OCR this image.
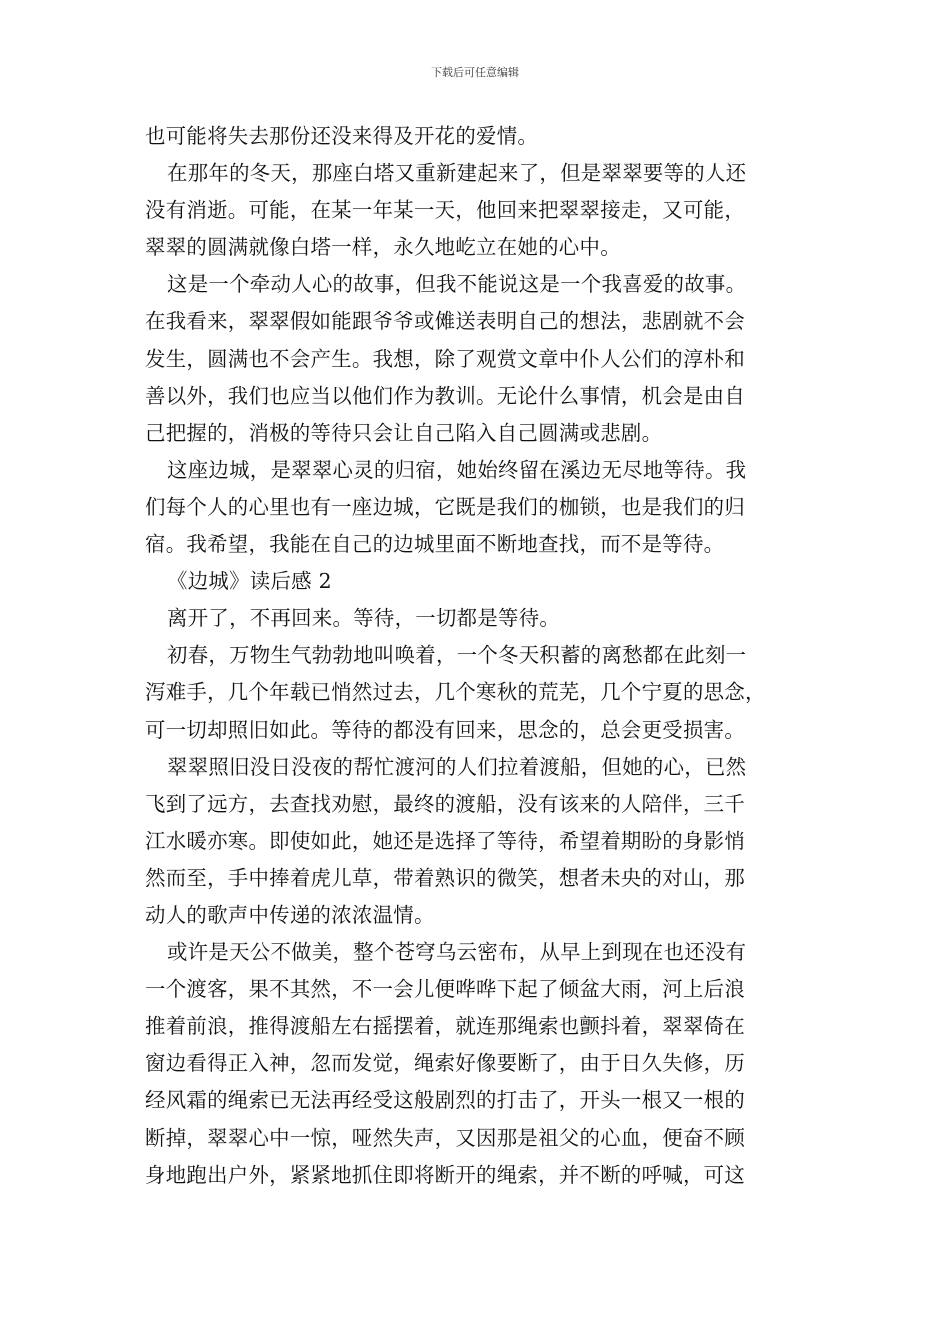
下载后可任意编辑
也可能将失去那份还没来得及开花的爱情。
在那年的冬天，那座白塔又重新建起来了，但是翠翠要等的人还
没有消逝。可能，在某一年某一天，他回来把翠翠接走，又可能，
翠翠的圆满就像白塔一样，永久地屹立在她的心中。
这是一个牵动人心的故事，但我不能说这是一个我喜爱的故事。
在我看来，翠翠假如能跟爷爷或傩送表明自己的想法，悲剧就不会
发生，圆满也不会产生。我想，除了观赏文章中仆人公们的淳朴和
善以外，我们也应当以他们作为教训。无论什么事情，机会是由自
己把握的，消极的等待只会让自己陷入自己圆满或悲剧。
这座边城，是翠翠心灵的归宿，她始终留在溪边无尽地等待。我
们每个人的心里也有一座边城，它既是我们的枷锁，也是我们的归
宿。我希望，我能在自己的边城里面不断地查找，而不是等待。
《边城》读后感 2
离开了，不再回来。等待，一切都是等待。
初春，万物生气勃勃地叫唤着，一个冬天积蓄的离愁都在此刻一
泻难手，几个年载已悄然过去，几个寒秋的荒芜，几个宁夏的思念，
可一切却照旧如此。等待的都没有回来，思念的，总会更受损害。
翠翠照旧没日没夜的帮忙渡河的人们拉着渡船，但她的心，已然
飞到了远方，去查找劝慰，最终的渡船，没有该来的人陪伴，三千
江水暖亦寒。即使如此，她还是选择了等待，希望着期盼的身影悄
然而至，手中捧着虎儿草，带着熟识的微笑，想者未央的对山，那
动人的歌声中传递的浓浓温情。
或许是天公不做美，整个苍穹乌云密布，从早上到现在也还没有
一个渡客，果不其然，不一会儿便哗哗下起了倾盆大雨，河上后浪
推着前浪，推得渡船左右摇摆着，就连那绳索也颤抖着，翠翠倚在
窗边看得正入神，忽而发觉，绳索好像要断了，由于日久失修，历
经风霜的绳索已无法再经受这般剧烈的打击了，开头一根又一根的
断掉，翠翠心中一惊，哑然失声，又因那是祖父的心血，便奋不顾
身地跑出户外，紧紧地抓住即将断开的绳索，并不断的呼喊，可这
